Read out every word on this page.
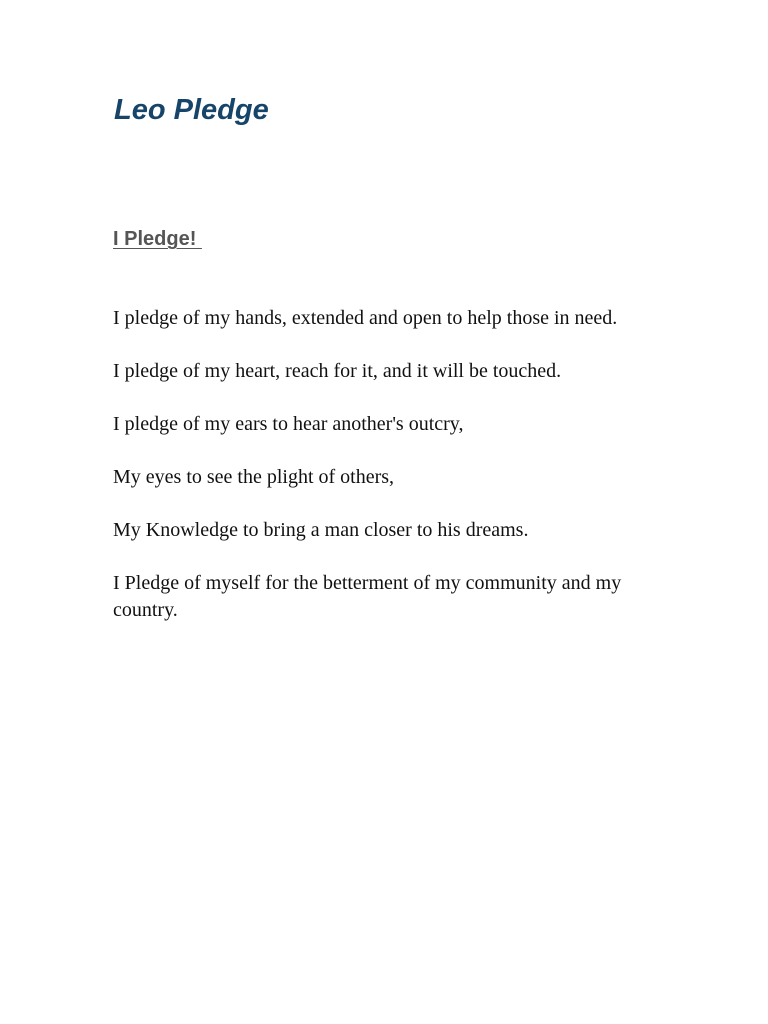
Leo Pledge
I Pledge!
I pledge of my hands, extended and open to help those in need.
I pledge of my heart, reach for it, and it will be touched.
I pledge of my ears to hear another's outcry,
My eyes to see the plight of others,
My Knowledge to bring a man closer to his dreams.
I Pledge of myself for the betterment of my community and my country.
